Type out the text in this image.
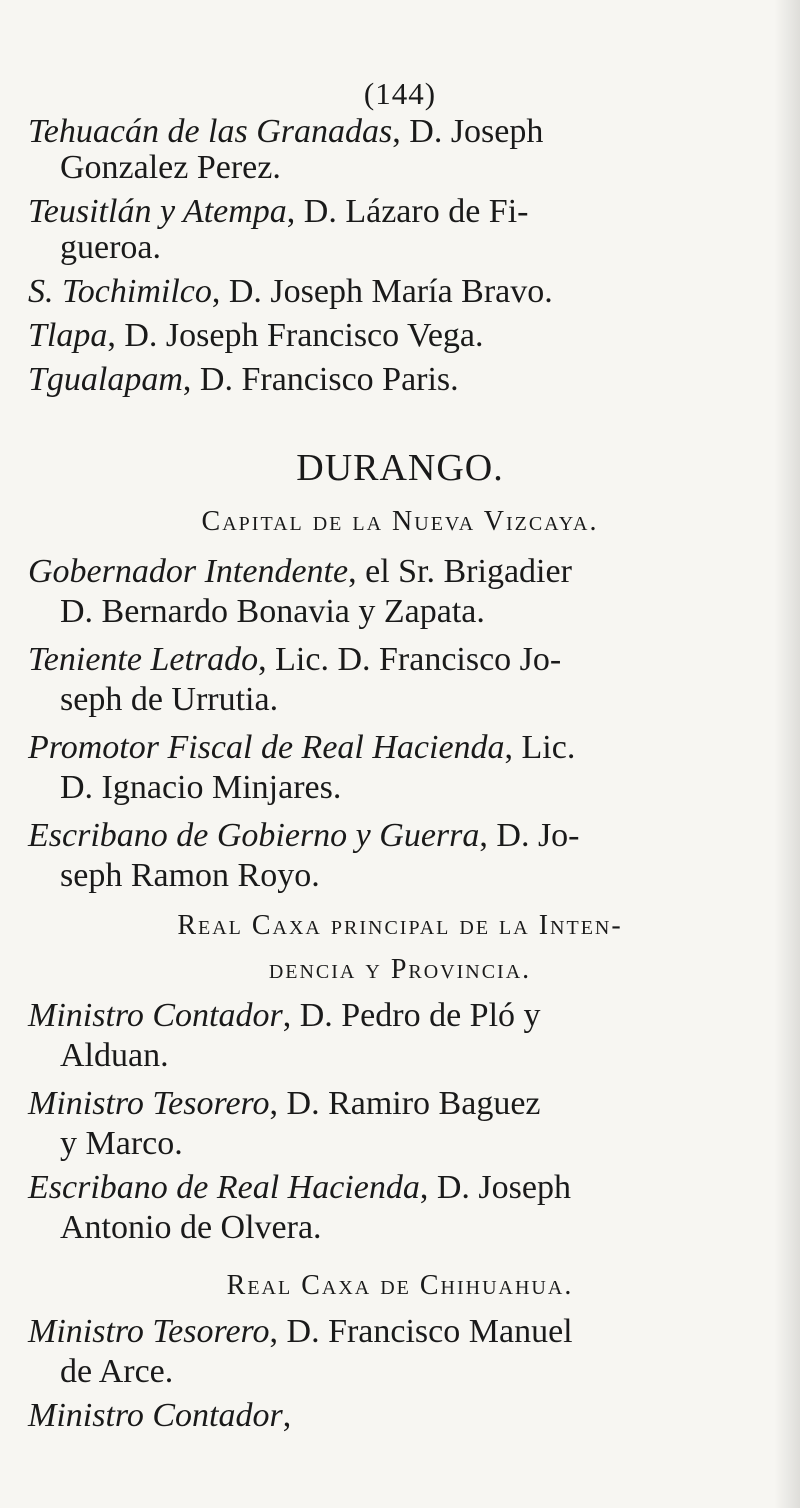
(144)
Tehuacán de las Granadas, D. Joseph
Gonzalez Perez.
Teusitlán y Atempa, D. Lázaro de Fi-
gueroa.
S. Tochimilco, D. Joseph María Bravo.
Tlapa, D. Joseph Francisco Vega.
Tgualapam, D. Francisco Paris.
DURANGO.
Capital de la Nueva Vizcaya.
Gobernador Intendente, el Sr. Brigadier
D. Bernardo Bonavia y Zapata.
Teniente Letrado, Lic. D. Francisco Jo-
seph de Urrutia.
Promotor Fiscal de Real Hacienda, Lic.
D. Ignacio Minjares.
Escribano de Gobierno y Guerra, D. Jo-
seph Ramon Royo.
Real Caxa principal de la Inten-
dencia y Provincia.
Ministro Contador, D. Pedro de Pló y
Alduan.
Ministro Tesorero, D. Ramiro Baguez
y Marco.
Escribano de Real Hacienda, D. Joseph
Antonio de Olvera.
Real Caxa de Chihuahua.
Ministro Tesorero, D. Francisco Manuel
de Arce.
Ministro Contador,
